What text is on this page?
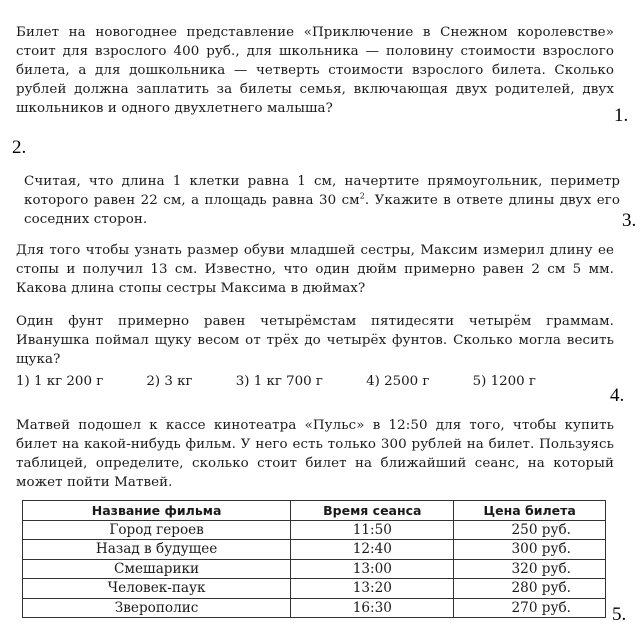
Билет на новогоднее представление «Приключение в Снежном королевстве» стоит для взрослого 400 руб., для школьника — половину стоимости взрослого билета, а для дошкольника — четверть стоимости взрослого билета. Сколько рублей должна заплатить за билеты семья, включающая двух родителей, двух школьников и одного двухлетнего малыша?	1.
2.
Считая, что длина 1 клетки равна 1 см, начертите прямоугольник, периметр которого равен 22 см, а площадь равна 30 $см^2$. Укажите в ответе длины двух его соседних сторон.	3.
Для того чтобы узнать размер обуви младшей сестры, Максим измерил длину ее стопы и получил 13 см. Известно, что один дюйм примерно равен 2 см 5 мм. Какова длина стопы сестры Максима в дюймах?
Один фунт примерно равен четырёмстам пятидесяти четырём граммам. Иванушка поймал щуку весом от трёх до четырёх фунтов. Сколько могла весить щука?
1) 1 кг 200 г	2) 3 кг	3) 1 кг 700 г	4) 2500 г	5) 1200 г
4.
Матвей подошел к кассе кинотеатра «Пульс» в 12:50 для того, чтобы купить билет на какой-нибудь фильм. У него есть только 300 рублей на билет. Пользуясь таблицей, определите, сколько стоит билет на ближайший сеанс, на который может пойти Матвей.
Название фильма	Время сеанса	Цена билета
Город героев	11:50	250 руб.
Назад в будущее	12:40	300 руб.
Смешарики	13:00	320 руб.
Человек-паук	13:20	280 руб.
Зверополис	16:30	270 руб. 5.
